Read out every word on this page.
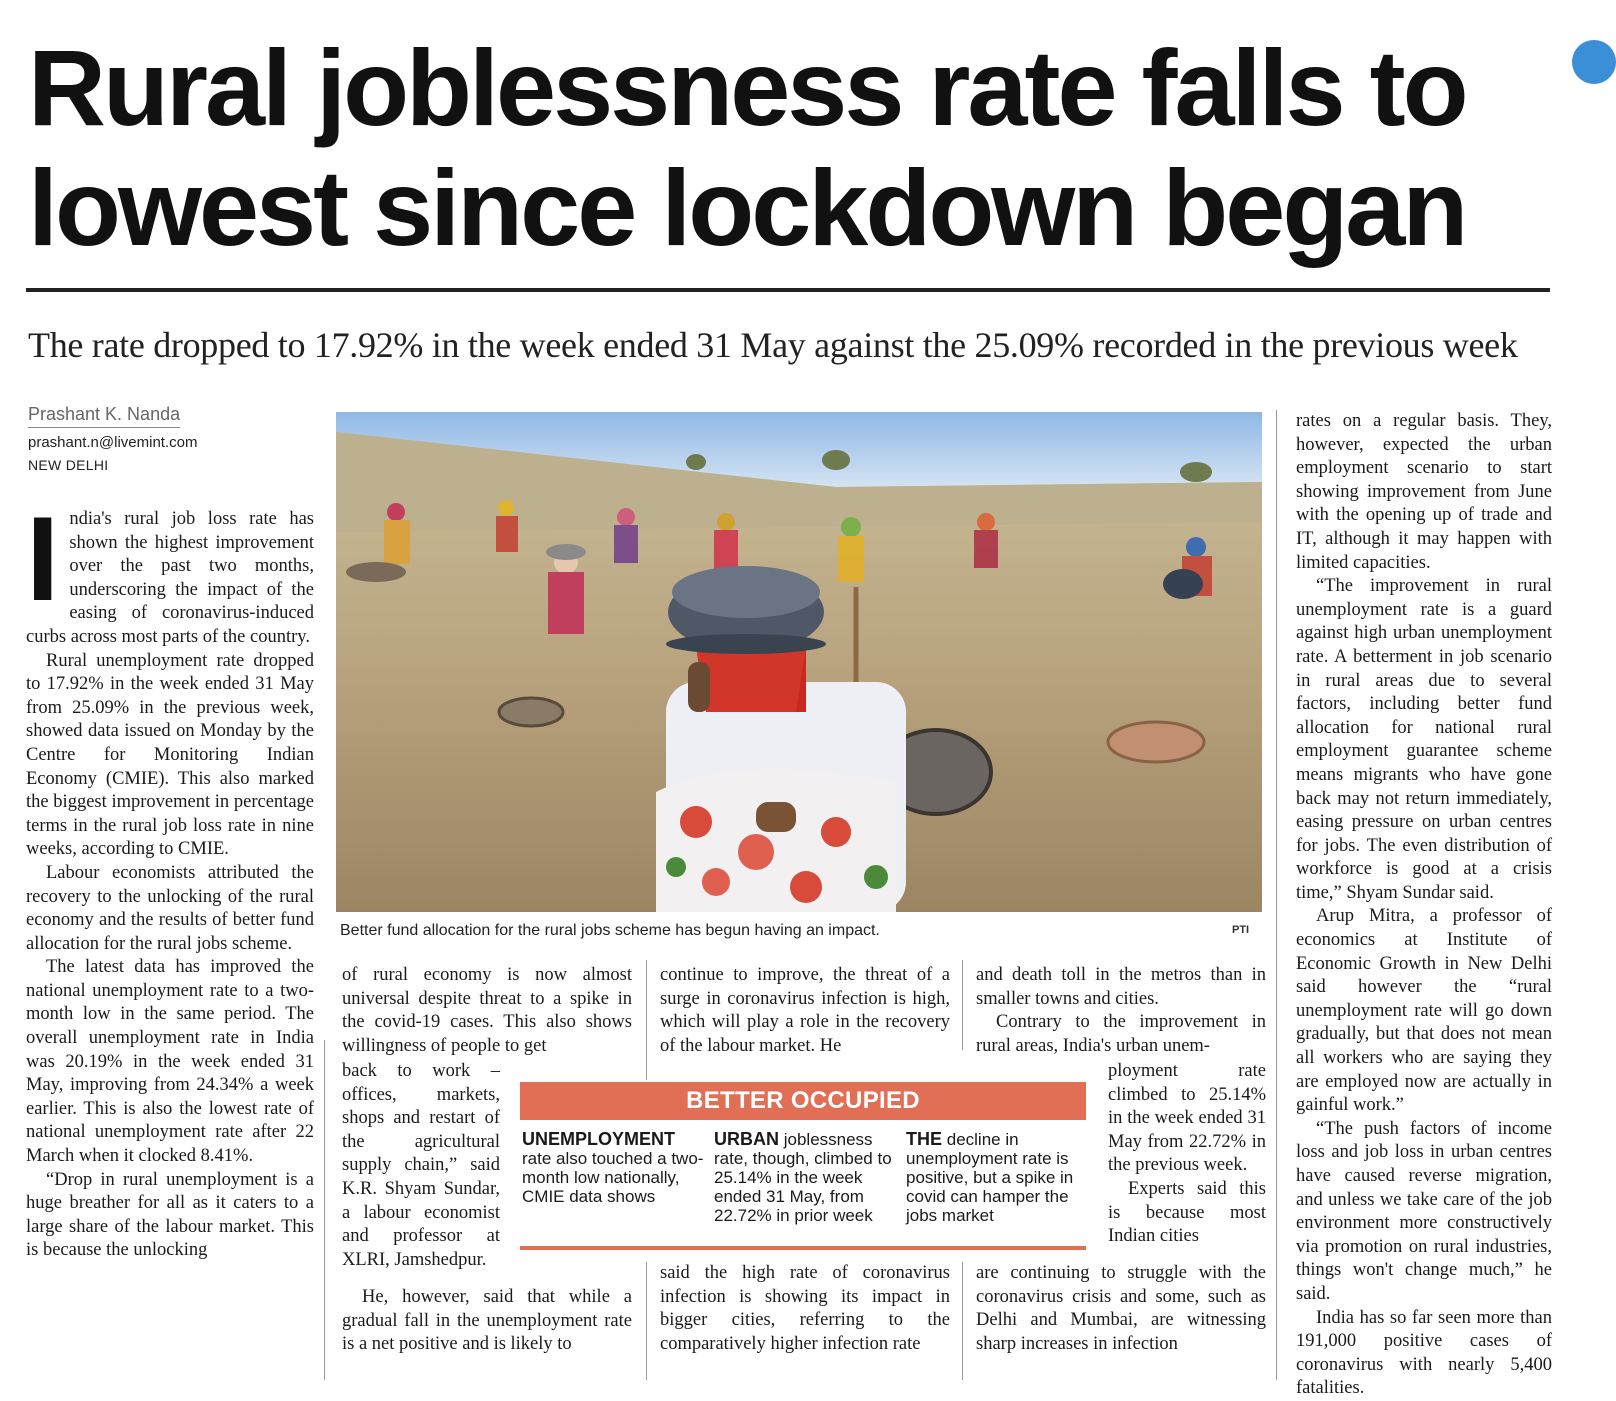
Rural joblessness rate falls to lowest since lockdown began
The rate dropped to 17.92% in the week ended 31 May against the 25.09% recorded in the previous week
Prashant K. Nanda
prashant.n@livemint.com
NEW DELHI

India's rural job loss rate has shown the highest improvement over the past two months, underscoring the impact of the easing of coronavirus-induced curbs across most parts of the country.

Rural unemployment rate dropped to 17.92% in the week ended 31 May from 25.09% in the previous week, showed data issued on Monday by the Centre for Monitoring Indian Economy (CMIE). This also marked the biggest improvement in percentage terms in the rural job loss rate in nine weeks, according to CMIE.

Labour economists attributed the recovery to the unlocking of the rural economy and the results of better fund allocation for the rural jobs scheme.

The latest data has improved the national unemployment rate to a two-month low in the same period. The overall unemployment rate in India was 20.19% in the week ended 31 May, improving from 24.34% a week earlier. This is also the lowest rate of national unemployment rate after 22 March when it clocked 8.41%.

“Drop in rural unemployment is a huge breather for all as it caters to a large share of the labour market. This is because the unlocking

Better fund allocation for the rural jobs scheme has begun having an impact.	PTI

of rural economy is now almost universal despite threat to a spike in the covid-19 cases. This also shows willingness of people to get

back to work – offices, markets, shops and restart of the agricultural supply chain,” said K.R. Shyam Sundar, a labour economist and professor at XLRI, Jamshedpur.

He, however, said that while a gradual fall in the unemployment rate is a net positive and is likely to

continue to improve, the threat of a surge in coronavirus infection is high, which will play a role in the recovery of the labour market. He

said the high rate of coronavirus infection is showing its impact in bigger cities, referring to the comparatively higher infection rate

and death toll in the metros than in smaller towns and cities.

Contrary to the improvement in rural areas, India's urban unem-

ployment rate climbed to 25.14% in the week ended 31 May from 22.72% in the previous week.

Experts said this is because most Indian cities

are continuing to struggle with the coronavirus crisis and some, such as Delhi and Mumbai, are witnessing sharp increases in infection

rates on a regular basis. They, however, expected the urban employment scenario to start showing improvement from June with the opening up of trade and IT, although it may happen with limited capacities.

“The improvement in rural unemployment rate is a guard against high urban unemployment rate. A betterment in job scenario in rural areas due to several factors, including better fund allocation for national rural employment guarantee scheme means migrants who have gone back may not return immediately, easing pressure on urban centres for jobs. The even distribution of workforce is good at a crisis time,” Shyam Sundar said.

Arup Mitra, a professor of economics at Institute of Economic Growth in New Delhi said however the “rural unemployment rate will go down gradually, but that does not mean all workers who are saying they are employed now are actually in gainful work.”

“The push factors of income loss and job loss in urban centres have caused reverse migration, and unless we take care of the job environment more constructively via promotion on rural industries, things won't change much,” he said.

India has so far seen more than 191,000 positive cases of coronavirus with nearly 5,400 fatalities.

BETTER OCCUPIED
UNEMPLOYMENT
rate also touched a two-month low nationally, CMIE data shows
URBAN joblessness rate, though, climbed to 25.14% in the week ended 31 May, from 22.72% in prior week
THE decline in unemployment rate is positive, but a spike in covid can hamper the jobs market
